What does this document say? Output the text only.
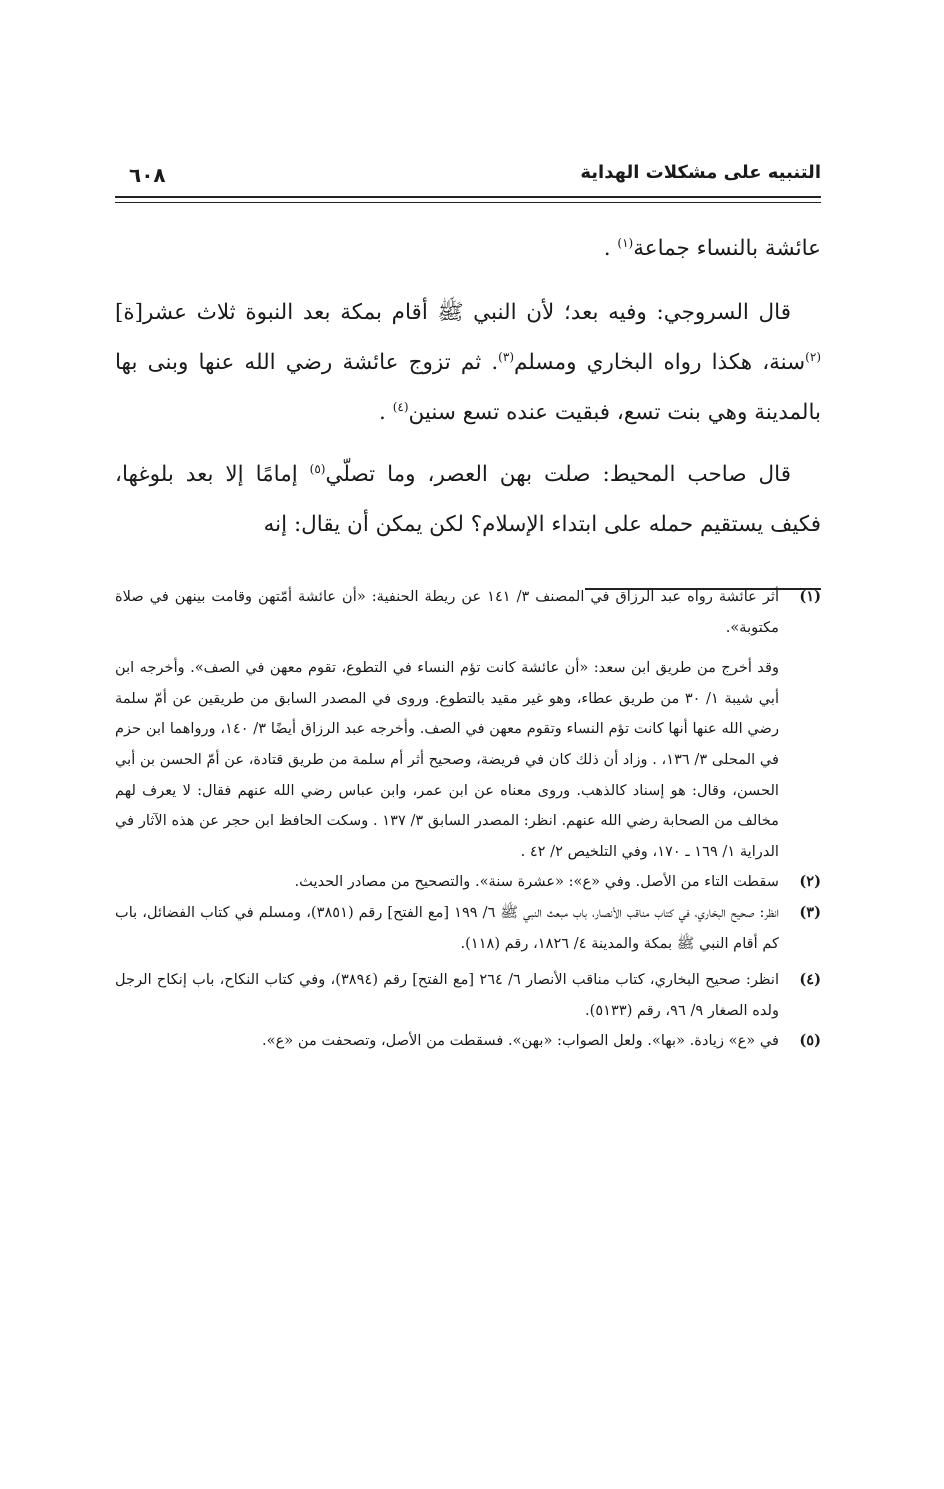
التنبيه على مشكلات الهداية
٦٠٨

عائشة بالنساء جماعة$^{(١)}$ .

قال السروجي: وفيه بعد؛ لأن النبي ﷺ أقام بمكة بعد النبوة ثلاث عشر[ة]$^{(٢)}$سنة، هكذا رواه البخاري ومسلم$^{(٣)}$. ثم تزوج عائشة رضي الله عنها وبنى بها بالمدينة وهي بنت تسع، فبقيت عنده تسع سنين$^{(٤)}$ .

قال صاحب المحيط: صلت بهن العصر، وما تصلّي$^{(٥)}$ إمامًا إلا بعد بلوغها، فكيف يستقيم حمله على ابتداء الإسلام؟ لكن يمكن أن يقال: إنه

(١)

أثر عائشة رواه عبد الرزاق في المصنف ٣/ ١٤١ عن ريطة الحنفية: «أن عائشة أمّتهن وقامت بينهن في صلاة مكتوبة».

وقد أخرج من طريق ابن سعد: «أن عائشة كانت تؤم النساء في التطوع، تقوم معهن في الصف». وأخرجه ابن أبي شيبة ١/ ٣٠ من طريق عطاء، وهو غير مقيد بالتطوع. وروى في المصدر السابق من طريقين عن أمّ سلمة رضي الله عنها أنها كانت تؤم النساء وتقوم معهن في الصف. وأخرجه عبد الرزاق أيضًا ٣/ ١٤٠، ورواهما ابن حزم في المحلى ٣/ ١٣٦، . وزاد أن ذلك كان في فريضة، وصحيح أثر أم سلمة من طريق قتادة، عن أمّ الحسن بن أبي الحسن، وقال: هو إسناد كالذهب. وروى معناه عن ابن عمر، وابن عباس رضي الله عنهم فقال: لا يعرف لهم مخالف من الصحابة رضي الله عنهم. انظر: المصدر السابق ٣/ ١٣٧ . وسكت الحافظ ابن حجر عن هذه الآثار في الدراية ١/ ١٦٩ ـ ١٧٠، وفي التلخيص ٢/ ٤٢ .

(٢)

سقطت التاء من الأصل. وفي «ع»: «عشرة سنة». والتصحيح من مصادر الحديث.

(٣)

انظر: صحيح البخاري، في كتاب مناقب الأنصار، باب مبعث النبي ﷺ ٦/ ١٩٩ [مع الفتح] رقم (٣٨٥١)، ومسلم في كتاب الفضائل، باب كم أقام النبي ﷺ بمكة والمدينة ٤/ ١٨٢٦، رقم (١١٨).

(٤)

انظر: صحيح البخاري، كتاب مناقب الأنصار ٦/ ٢٦٤ [مع الفتح] رقم (٣٨٩٤)، وفي كتاب النكاح، باب إنكاح الرجل ولده الصغار ٩/ ٩٦، رقم (٥١٣٣).

(٥)

في «ع» زيادة. «بها». ولعل الصواب: «بهن». فسقطت من الأصل، وتصحفت من «ع».
